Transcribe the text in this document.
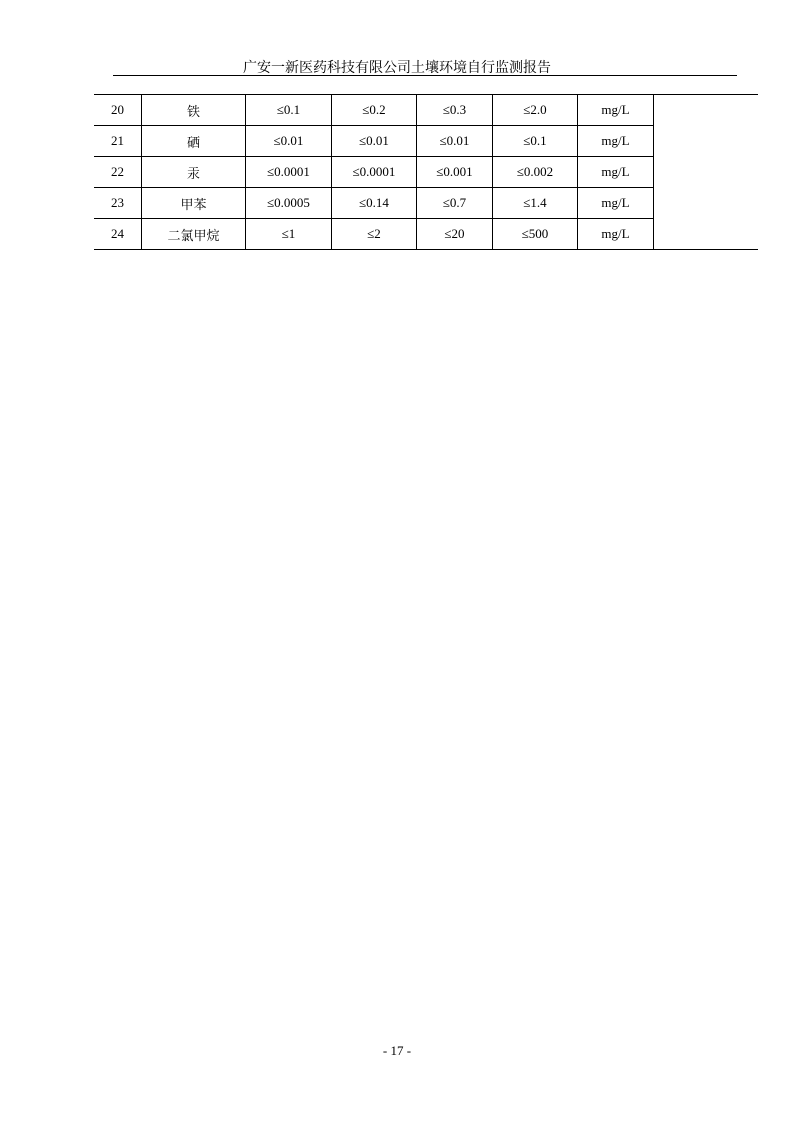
广安一新医药科技有限公司土壤环境自行监测报告
20	铁	≤0.1	≤0.2	≤0.3	≤2.0	mg/L	
21	硒	≤0.01	≤0.01	≤0.01	≤0.1	mg/L	
22	汞	≤0.0001	≤0.0001	≤0.001	≤0.002	mg/L	
23	甲苯	≤0.0005	≤0.14	≤0.7	≤1.4	mg/L	
24	二氯甲烷	≤1	≤2	≤20	≤500	mg/L	
- 17 -
